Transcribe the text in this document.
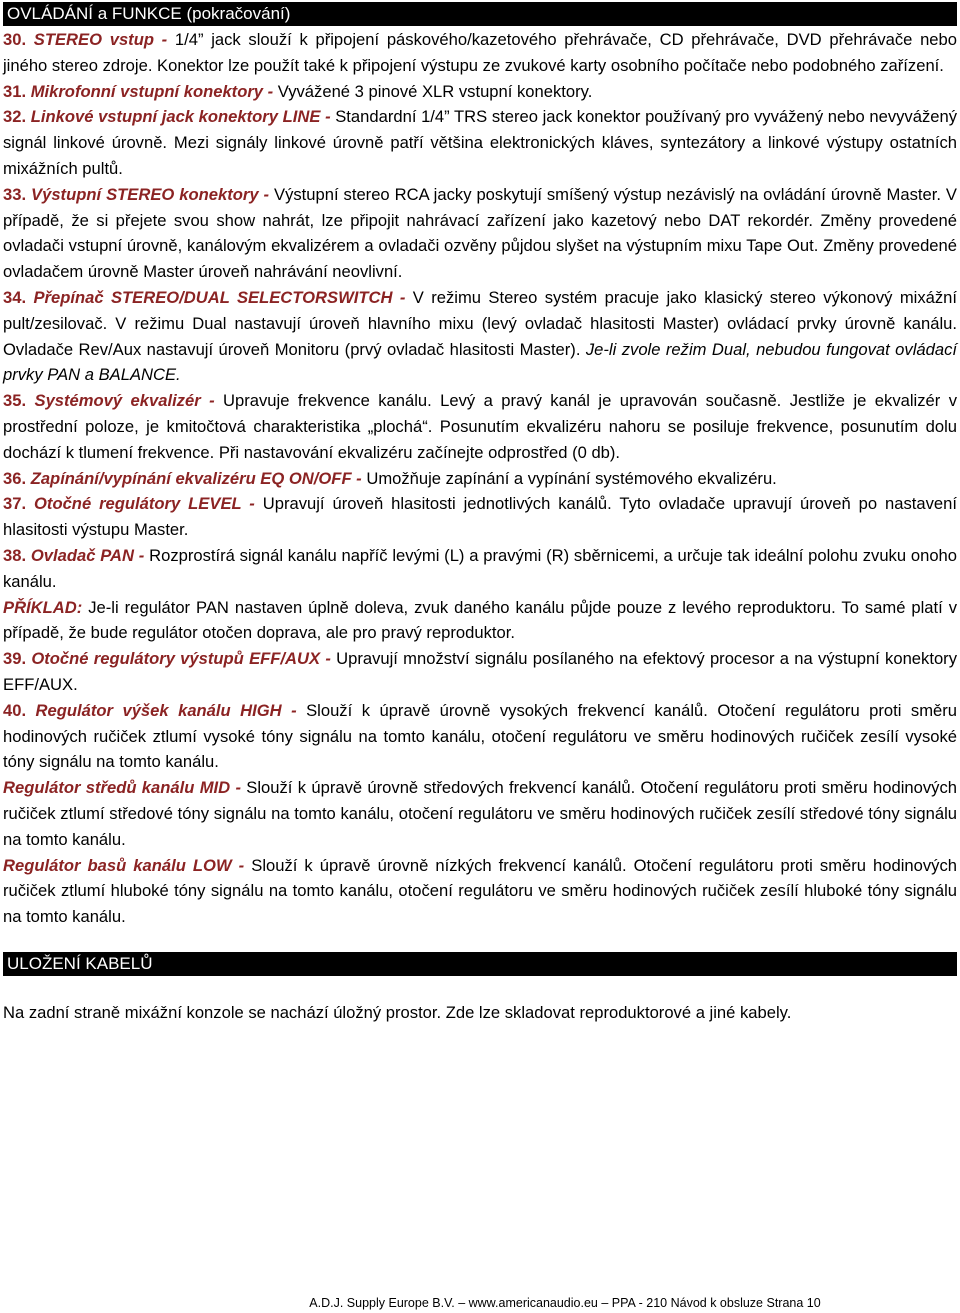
OVLÁDÁNÍ a FUNKCE (pokračování)
30. STEREO vstup - 1/4” jack slouží k připojení páskového/kazetového přehrávače, CD přehrávače, DVD přehrávače nebo jiného stereo zdroje. Konektor lze použít také k připojení výstupu ze zvukové karty osobního počítače nebo podobného zařízení.
31. Mikrofonní vstupní konektory - Vyvážené 3 pinové XLR vstupní konektory.
32. Linkové vstupní jack konektory LINE - Standardní 1/4” TRS stereo jack konektor používaný pro vyvážený nebo nevyvážený signál linkové úrovně. Mezi signály linkové úrovně patří většina elektronických kláves, syntezátory a linkové výstupy ostatních mixážních pultů.
33. Výstupní STEREO konektory - Výstupní stereo RCA jacky poskytují smíšený výstup nezávislý na ovládání úrovně Master. V případě, že si přejete svou show nahrát, lze připojit nahrávací zařízení jako kazetový nebo DAT rekordér. Změny provedené ovladači vstupní úrovně, kanálovým ekvalizérem a ovladači ozvěny půjdou slyšet na výstupním mixu Tape Out. Změny provedené ovladačem úrovně Master úroveň nahrávání neovlivní.
34. Přepínač STEREO/DUAL SELECTORSWITCH - V režimu Stereo systém pracuje jako klasický stereo výkonový mixážní pult/zesilovač. V režimu Dual nastavují úroveň hlavního mixu (levý ovladač hlasitosti Master) ovládací prvky úrovně kanálu. Ovladače Rev/Aux nastavují úroveň Monitoru (prvý ovladač hlasitosti Master). Je-li zvole režim Dual, nebudou fungovat ovládací prvky PAN a BALANCE.
35. Systémový ekvalizér - Upravuje frekvence kanálu. Levý a pravý kanál je upravován současně. Jestliže je ekvalizér v prostřední poloze, je kmitočtová charakteristika „plochá“. Posunutím ekvalizéru nahoru se posiluje frekvence, posunutím dolu dochází k tlumení frekvence. Při nastavování ekvalizéru začínejte odprostřed (0 db).
36. Zapínání/vypínání ekvalizéru EQ ON/OFF - Umožňuje zapínání a vypínání systémového ekvalizéru.
37. Otočné regulátory LEVEL - Upravují úroveň hlasitosti jednotlivých kanálů. Tyto ovladače upravují úroveň po nastavení hlasitosti výstupu Master.
38. Ovladač PAN - Rozprostírá signál kanálu napříč levými (L) a pravými (R) sběrnicemi, a určuje tak ideální polohu zvuku onoho kanálu.
PŘÍKLAD: Je-li regulátor PAN nastaven úplně doleva, zvuk daného kanálu půjde pouze z levého reproduktoru. To samé platí v případě, že bude regulátor otočen doprava, ale pro pravý reproduktor.
39. Otočné regulátory výstupů EFF/AUX - Upravují množství signálu posílaného na efektový procesor a na výstupní konektory EFF/AUX.
40. Regulátor výšek kanálu HIGH - Slouží k úpravě úrovně vysokých frekvencí kanálů. Otočení regulátoru proti směru hodinových ručiček ztlumí vysoké tóny signálu na tomto kanálu, otočení regulátoru ve směru hodinových ručiček zesílí vysoké tóny signálu na tomto kanálu.
Regulátor středů kanálu MID - Slouží k úpravě úrovně středových frekvencí kanálů. Otočení regulátoru proti směru hodinových ručiček ztlumí středové tóny signálu na tomto kanálu, otočení regulátoru ve směru hodinových ručiček zesílí středové tóny signálu na tomto kanálu.
Regulátor basů kanálu LOW - Slouží k úpravě úrovně nízkých frekvencí kanálů. Otočení regulátoru proti směru hodinových ručiček ztlumí hluboké tóny signálu na tomto kanálu, otočení regulátoru ve směru hodinových ručiček zesílí hluboké tóny signálu na tomto kanálu.
ULOŽENÍ KABELŮ
Na zadní straně mixážní konzole se nachází úložný prostor. Zde lze skladovat reproduktorové a jiné kabely.
A.D.J. Supply Europe B.V. – www.americanaudio.eu – PPA - 210 Návod k obsluze Strana 10
